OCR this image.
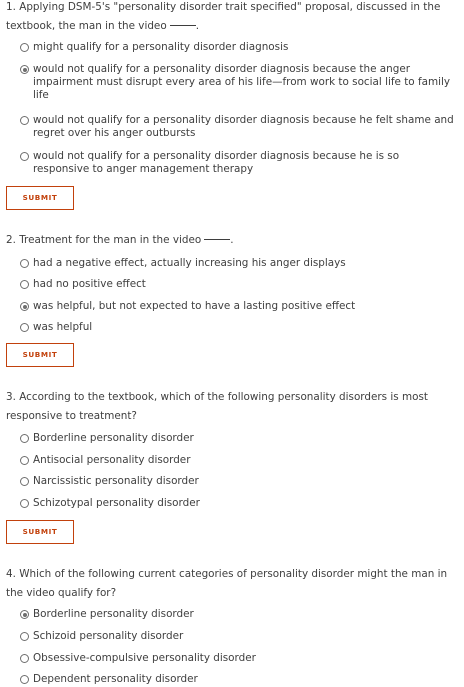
1. Applying DSM-5's "personality disorder trait specified" proposal, discussed in the textbook, the man in the video	.

might qualify for a personality disorder diagnosis
would not qualify for a personality disorder diagnosis because the anger impairment must disrupt every area of his life—from work to social life to family life
would not qualify for a personality disorder diagnosis because he felt shame and regret over his anger outbursts
would not qualify for a personality disorder diagnosis because he is so responsive to anger management therapy
SUBMIT

2. Treatment for the man in the video	.

had a negative effect, actually increasing his anger displays
had no positive effect
was helpful, but not expected to have a lasting positive effect
was helpful
SUBMIT

3. According to the textbook, which of the following personality disorders is most responsive to treatment?

Borderline personality disorder
Antisocial personality disorder
Narcissistic personality disorder
Schizotypal personality disorder
SUBMIT

4. Which of the following current categories of personality disorder might the man in the video qualify for?

Borderline personality disorder
Schizoid personality disorder
Obsessive-compulsive personality disorder
Dependent personality disorder
